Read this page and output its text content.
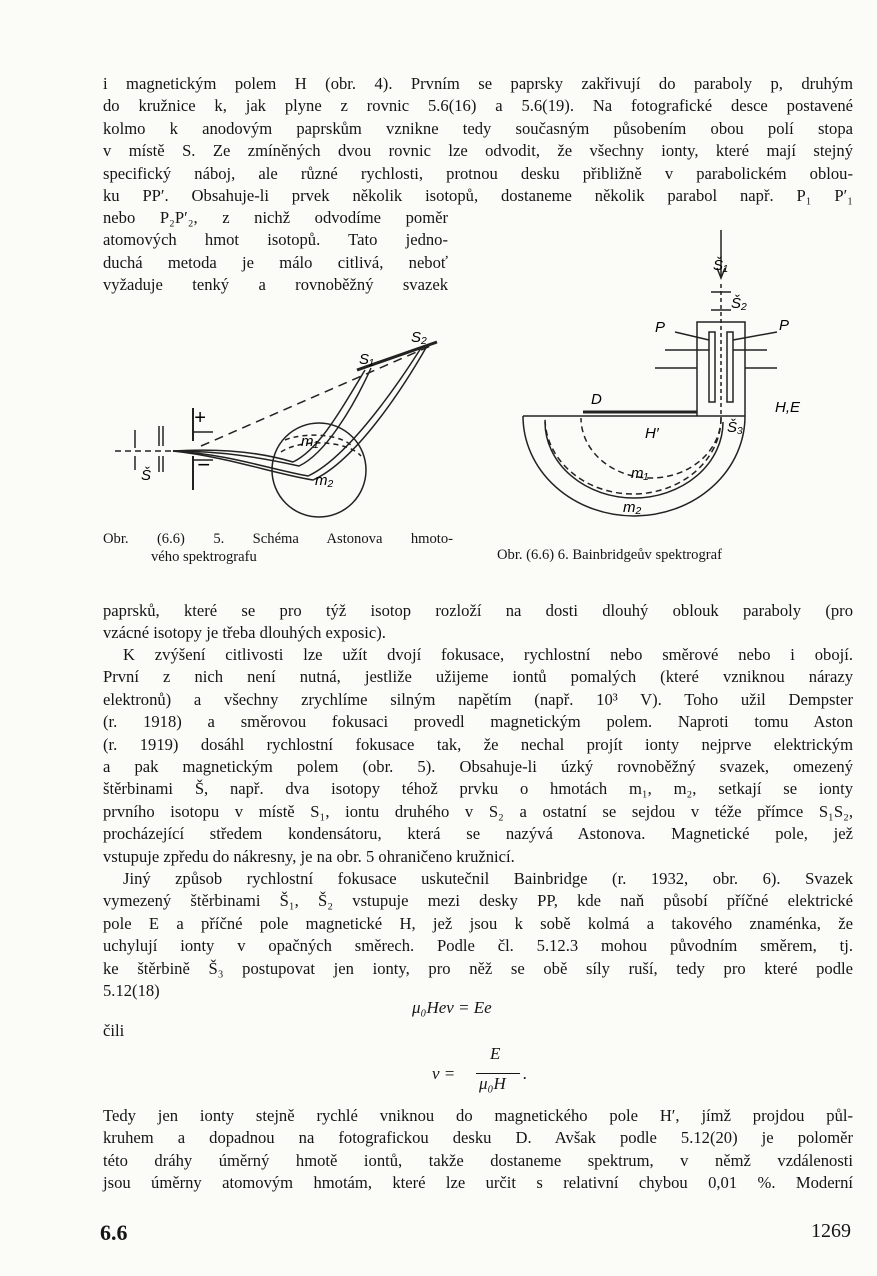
i magnetickým polem H (obr. 4). Prvním se paprsky zakřivují do paraboly p, druhým
do kružnice k, jak plyne z rovnic 5.6(16) a 5.6(19). Na fotografické desce postavené
kolmo k anodovým paprskům vznikne tedy současným působením obou polí stopa
v místě S. Ze zmíněných dvou rovnic lze odvodit, že všechny ionty, které mají stejný
specifický náboj, ale různé rychlosti, protnou desku přibližně v parabolickém oblou-
ku PP′. Obsahuje-li prvek několik isotopů, dostaneme několik parabol např. P₁ P′₁
nebo P₂P′₂, z nichž odvodíme poměr
atomových hmot isotopů. Tato jedno-
duchá metoda je málo citlivá, neboť
vyžaduje tenký a rovnoběžný svazek
+
−
Š
S₁
S₂
m₁
m₂
Obr. (6.6) 5. Schéma Astonova hmoto-
vého spektrografu
Š₁
Š₂
Š₃
P	P
D	H,E
H′
m₁
m₂
Obr. (6.6) 6. Bainbridgeův spektrograf
paprsků, které se pro týž isotop rozloží na dosti dlouhý oblouk paraboly (pro
vzácné isotopy je třeba dlouhých exposic).
K zvýšení citlivosti lze užít dvojí fokusace, rychlostní nebo směrové nebo i obojí.
První z nich není nutná, jestliže užijeme iontů pomalých (které vzniknou nárazy
elektronů) a všechny zrychlíme silným napětím (např. 10³ V). Toho užil Dempster
(r. 1918) a směrovou fokusaci provedl magnetickým polem. Naproti tomu Aston
(r. 1919) dosáhl rychlostní fokusace tak, že nechal projít ionty nejprve elektrickým
a pak magnetickým polem (obr. 5). Obsahuje-li úzký rovnoběžný svazek, omezený
štěrbinami Š, např. dva isotopy téhož prvku o hmotách m₁, m₂, setkají se ionty
prvního isotopu v místě S₁, iontu druhého v S₂ a ostatní se sejdou v téže přímce S₁S₂,
procházející středem kondensátoru, která se nazývá Astonova. Magnetické pole, jež
vstupuje zpředu do nákresny, je na obr. 5 ohraničeno kružnicí.
Jiný způsob rychlostní fokusace uskutečnil Bainbridge (r. 1932, obr. 6). Svazek
vymezený štěrbinami Š₁, Š₂ vstupuje mezi desky PP, kde naň působí příčné elektrické
pole E a příčné pole magnetické H, jež jsou k sobě kolmá a takového znaménka, že
uchylují ionty v opačných směrech. Podle čl. 5.12.3 mohou původním směrem, tj.
ke štěrbině Š₃ postupovat jen ionty, pro něž se obě síly ruší, tedy pro které podle
5.12(18)
μ₀Hev = Ee
čili
v =
E
μ₀H
.
Tedy jen ionty stejně rychlé vniknou do magnetického pole H′, jímž projdou půl-
kruhem a dopadnou na fotografickou desku D. Avšak podle 5.12(20) je poloměr
této dráhy úměrný hmotě iontů, takže dostaneme spektrum, v němž vzdálenosti
jsou úměrny atomovým hmotám, které lze určit s relativní chybou 0,01 %. Moderní
6.6	1269
